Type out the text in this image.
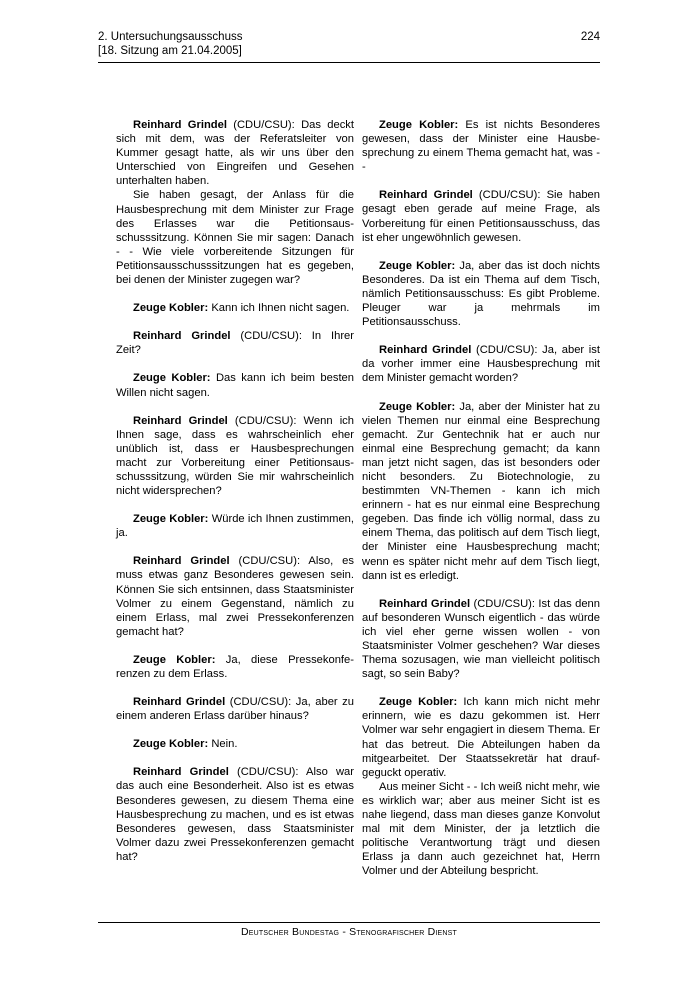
2. Untersuchungsausschuss
[18. Sitzung am 21.04.2005]
224

Reinhard Grindel (CDU/CSU): Das deckt sich mit dem, was der Referatsleiter von Kummer gesagt hatte, als wir uns über den Unterschied von Eingreifen und Gesehen unterhalten haben.

Sie haben gesagt, der Anlass für die Hausbesprechung mit dem Minister zur Frage des Erlasses war die Petitionsausschusssitzung. Können Sie mir sagen: Danach - - Wie viele vorbereitende Sitzungen für Petitionsausschusssitzungen hat es gegeben, bei denen der Minister zugegen war?

Zeuge Kobler: Kann ich Ihnen nicht sagen.

Reinhard Grindel (CDU/CSU): In Ihrer Zeit?

Zeuge Kobler: Das kann ich beim besten Willen nicht sagen.

Reinhard Grindel (CDU/CSU): Wenn ich Ihnen sage, dass es wahrscheinlich eher unüblich ist, dass er Hausbesprechungen macht zur Vorbereitung einer Petitionsausschusssitzung, würden Sie mir wahrscheinlich nicht widersprechen?

Zeuge Kobler: Würde ich Ihnen zustimmen, ja.

Reinhard Grindel (CDU/CSU): Also, es muss etwas ganz Besonderes gewesen sein. Können Sie sich entsinnen, dass Staatsminister Volmer zu einem Gegenstand, nämlich zu einem Erlass, mal zwei Pressekonferenzen gemacht hat?

Zeuge Kobler: Ja, diese Pressekonferenzen zu dem Erlass.

Reinhard Grindel (CDU/CSU): Ja, aber zu einem anderen Erlass darüber hinaus?

Zeuge Kobler: Nein.

Reinhard Grindel (CDU/CSU): Also war das auch eine Besonderheit. Also ist es etwas Besonderes gewesen, zu diesem Thema eine Hausbesprechung zu machen, und es ist etwas Besonderes gewesen, dass Staatsminister Volmer dazu zwei Pressekonferenzen gemacht hat?

Zeuge Kobler: Es ist nichts Besonderes gewesen, dass der Minister eine Hausbesprechung zu einem Thema gemacht hat, was - -

Reinhard Grindel (CDU/CSU): Sie haben gesagt eben gerade auf meine Frage, als Vorbereitung für einen Petitionsausschuss, das ist eher ungewöhnlich gewesen.

Zeuge Kobler: Ja, aber das ist doch nichts Besonderes. Da ist ein Thema auf dem Tisch, nämlich Petitionsausschuss: Es gibt Probleme. Pleuger war ja mehrmals im Petitionsausschuss.

Reinhard Grindel (CDU/CSU): Ja, aber ist da vorher immer eine Hausbesprechung mit dem Minister gemacht worden?

Zeuge Kobler: Ja, aber der Minister hat zu vielen Themen nur einmal eine Besprechung gemacht. Zur Gentechnik hat er auch nur einmal eine Besprechung gemacht; da kann man jetzt nicht sagen, das ist besonders oder nicht besonders. Zu Biotechnologie, zu bestimmten VN-Themen - kann ich mich erinnern - hat es nur einmal eine Besprechung gegeben. Das finde ich völlig normal, dass zu einem Thema, das politisch auf dem Tisch liegt, der Minister eine Hausbesprechung macht; wenn es später nicht mehr auf dem Tisch liegt, dann ist es erledigt.

Reinhard Grindel (CDU/CSU): Ist das denn auf besonderen Wunsch eigentlich - das würde ich viel eher gerne wissen wollen - von Staatsminister Volmer geschehen? War dieses Thema sozusagen, wie man vielleicht politisch sagt, so sein Baby?

Zeuge Kobler: Ich kann mich nicht mehr erinnern, wie es dazu gekommen ist. Herr Volmer war sehr engagiert in diesem Thema. Er hat das betreut. Die Abteilungen haben da mitgearbeitet. Der Staatssekretär hat draufgeguckt operativ.

Aus meiner Sicht - - Ich weiß nicht mehr, wie es wirklich war; aber aus meiner Sicht ist es nahe liegend, dass man dieses ganze Konvolut mal mit dem Minister, der ja letztlich die politische Verantwortung trägt und diesen Erlass ja dann auch gezeichnet hat, Herrn Volmer und der Abteilung bespricht.

Deutscher Bundestag - Stenografischer Dienst
